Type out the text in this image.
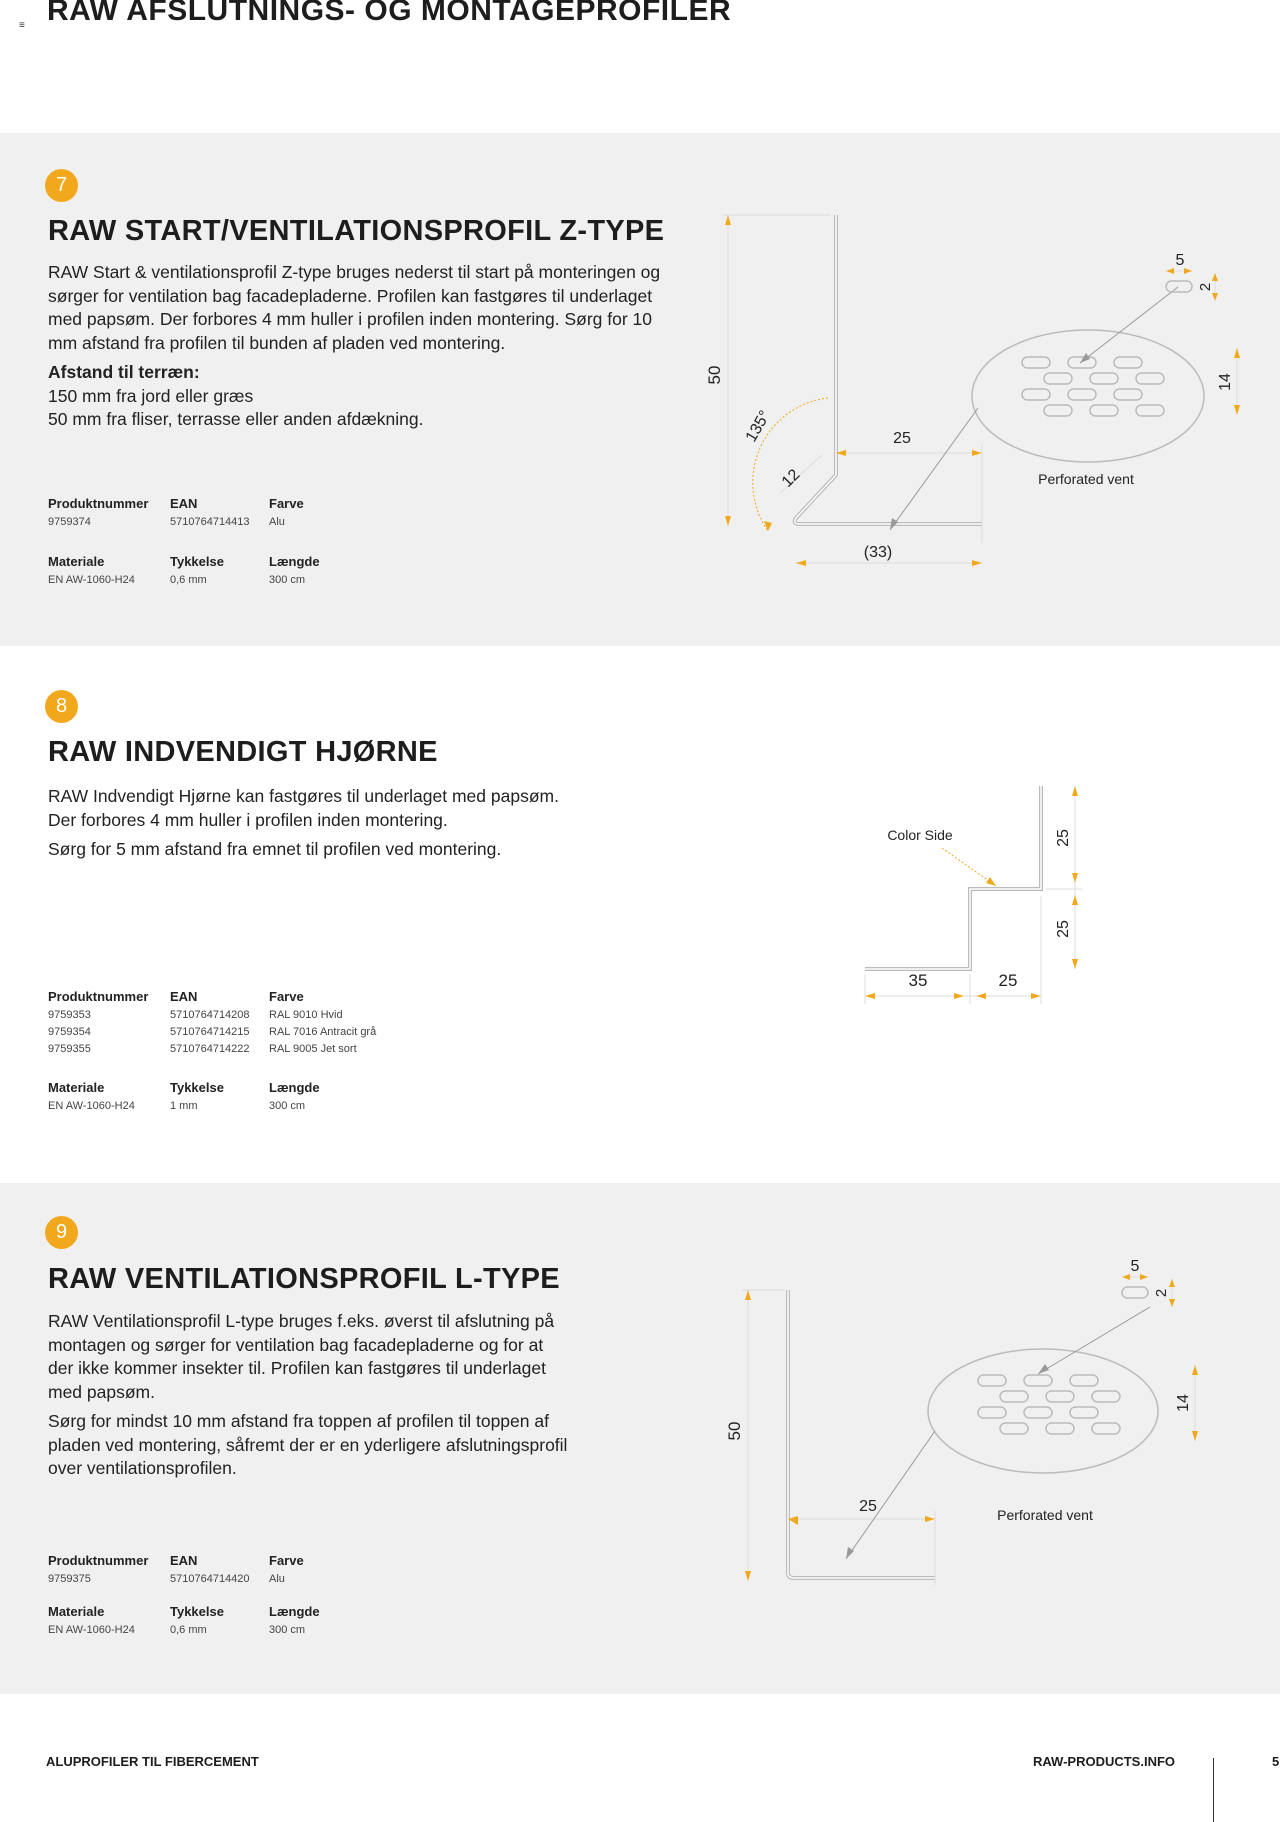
≡ RAW AFSLUTNINGS- OG MONTAGEPROFILER
7
RAW START/VENTILATIONSPROFIL Z-TYPE

RAW Start & ventilationsprofil Z-type bruges nederst til start på monteringen og sørger for ventilation bag facadepladerne. Profilen kan fastgøres til underlaget med papsøm. Der forbores 4 mm huller i profilen inden montering. Sørg for 10 mm afstand fra profilen til bunden af pladen ved montering.

Afstand til terræn:

150 mm fra jord eller græs

50 mm fra fliser, terrasse eller anden afdækning.

Produktnummer EAN	Farve
9759374	5710764714413 Alu
Materiale	Tykkelse	Længde
EN AW-1060-H24	0,6 mm	300 cm
50
135°
12
25
(33)
5
2
14
Perforated vent
8
RAW INDVENDIGT HJØRNE

RAW Indvendigt Hjørne kan fastgøres til underlaget med papsøm. Der forbores 4 mm huller i profilen inden montering.

Sørg for 5 mm afstand fra emnet til profilen ved montering.

Produktnummer EAN	Farve
9759353	5710764714208 RAL 9010 Hvid
9759354	5710764714215 RAL 7016 Antracit grå
9759355	5710764714222 RAL 9005 Jet sort
Materiale	Tykkelse	Længde
EN AW-1060-H24	1 mm	300 cm
Color Side	25
25
35	25
9
RAW VENTILATIONSPROFIL L-TYPE

RAW Ventilationsprofil L-type bruges f.eks. øverst til afslutning på montagen og sørger for ventilation bag facadepladerne og for at der ikke kommer insekter til. Profilen kan fastgøres til underlaget med papsøm.

Sørg for mindst 10 mm afstand fra toppen af profilen til toppen af pladen ved montering, såfremt der er en yderligere afslutningsprofil over ventilationsprofilen.

Produktnummer EAN	Farve
9759375	5710764714420 Alu
Materiale	Tykkelse	Længde
EN AW-1060-H24	0,6 mm	300 cm
50
25
5
2
14
Perforated vent
ALUPROFILER TIL FIBERCEMENT	RAW-PRODUCTS.INFO	5
